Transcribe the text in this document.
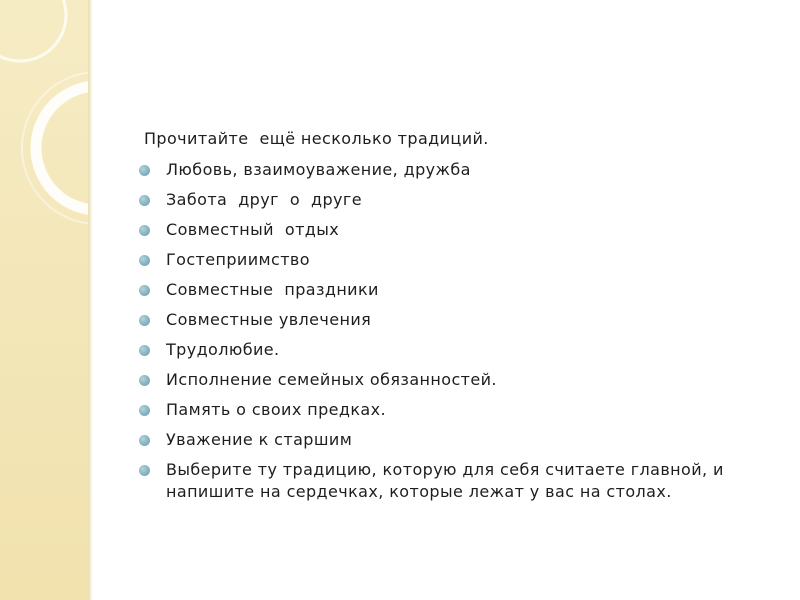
Прочитайте  ещё несколько традиций.
Любовь, взаимоуважение, дружба
Забота  друг  о  друге
Совместный  отдых
Гостеприимство
Совместные  праздники
Совместные увлечения
Трудолюбие.
Исполнение семейных обязанностей.
Память о своих предках.
Уважение к старшим
Выберите ту традицию, которую для себя считаете главной, и напишите на сердечках, которые лежат у вас на столах.
